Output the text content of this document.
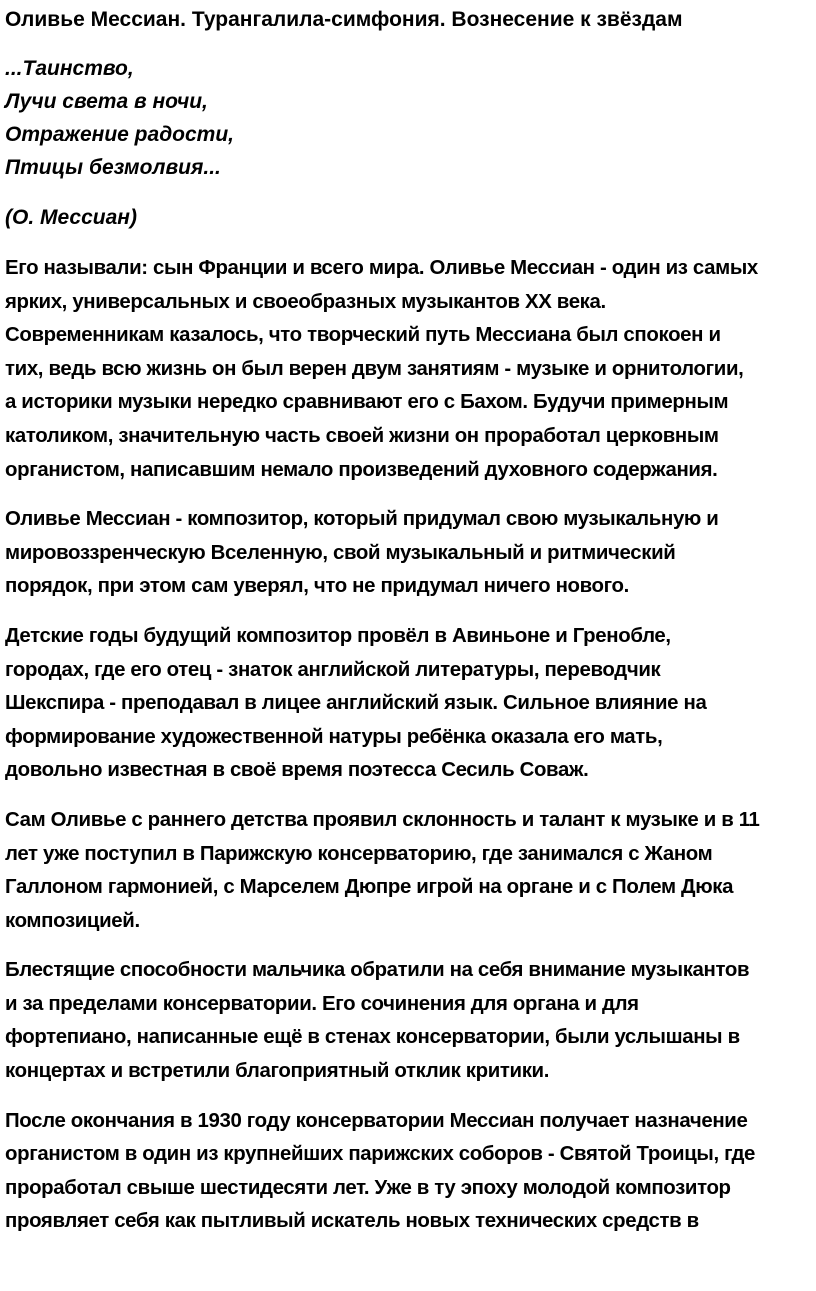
Оливье Мессиан. Турангалила-симфония. Вознесение к звёздам
...Таинство,
Лучи света в ночи,
Отражение радости,
Птицы безмолвия...
(О. Мессиан)
Его называли: сын Франции и всего мира. Оливье Мессиан - один из самых
ярких, универсальных и своеобразных музыкантов XX века.
Современникам казалось, что творческий путь Мессиана был спокоен и
тих, ведь всю жизнь он был верен двум занятиям - музыке и орнитологии,
а историки музыки нередко сравнивают его с Бахом. Будучи примерным
католиком, значительную часть своей жизни он проработал церковным
органистом, написавшим немало произведений духовного содержания.
Оливье Мессиан - композитор, который придумал свою музыкальную и
мировоззренческую Вселенную, свой музыкальный и ритмический
порядок, при этом сам уверял, что не придумал ничего нового.
Детские годы будущий композитор провёл в Авиньоне и Гренобле,
городах, где его отец - знаток английской литературы, переводчик
Шекспира - преподавал в лицее английский язык. Сильное влияние на
формирование художественной натуры ребёнка оказала его мать,
довольно известная в своё время поэтесса Сесиль Соваж.
Сам Оливье с раннего детства проявил склонность и талант к музыке и в 11
лет уже поступил в Парижскую консерваторию, где занимался с Жаном
Галлоном гармонией, с Марселем Дюпре игрой на органе и с Полем Дюка
композицией.
Блестящие способности мальчика обратили на себя внимание музыкантов
и за пределами консерватории. Его сочинения для органа и для
фортепиано, написанные ещё в стенах консерватории, были услышаны в
концертах и встретили благоприятный отклик критики.
После окончания в 1930 году консерватории Мессиан получает назначение
органистом в один из крупнейших парижских соборов - Святой Троицы, где
проработал свыше шестидесяти лет. Уже в ту эпоху молодой композитор
проявляет себя как пытливый искатель новых технических средств в
